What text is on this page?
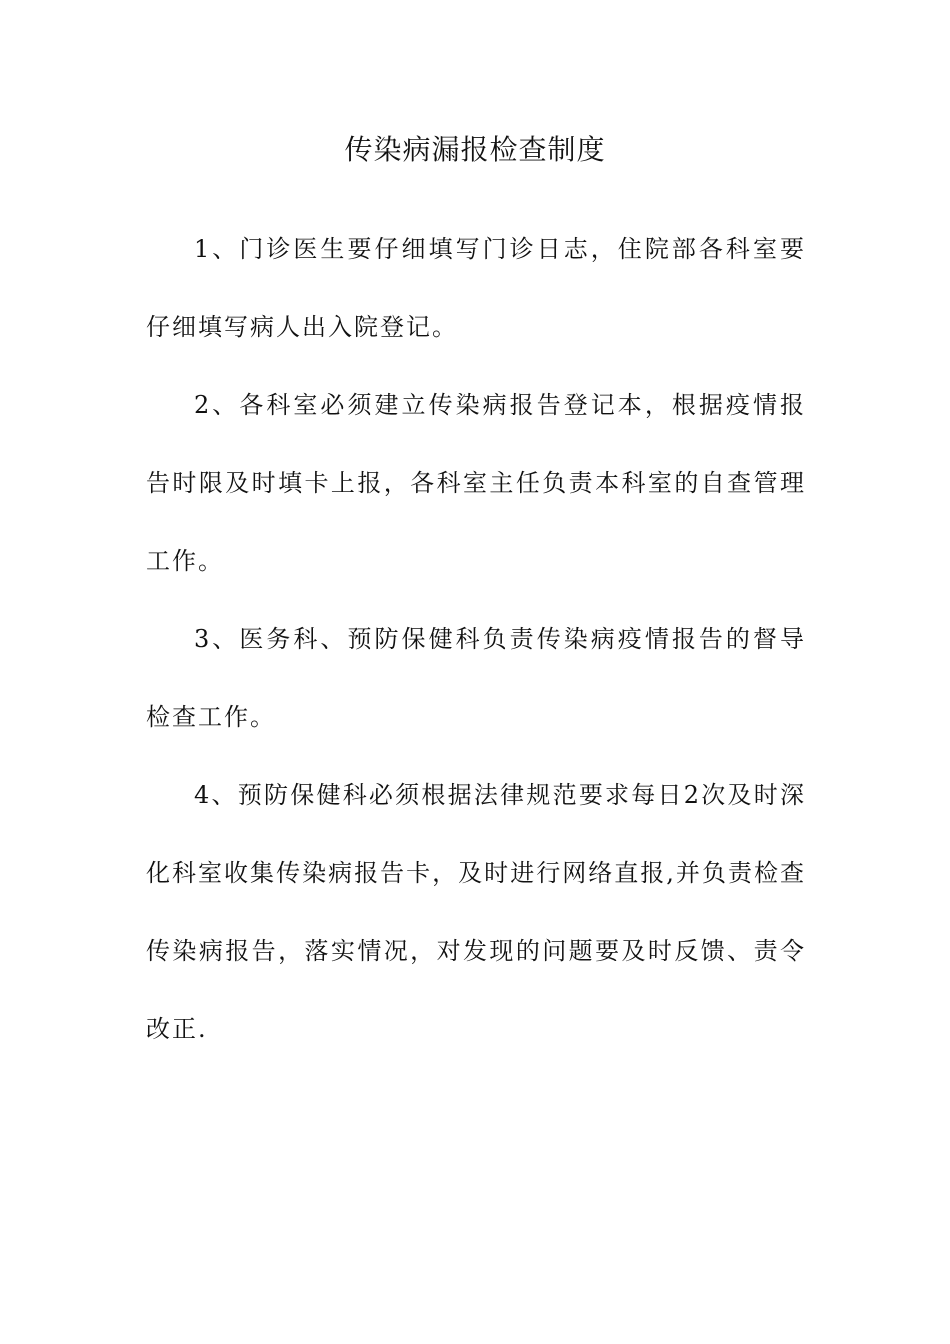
传染病漏报检查制度

1、门诊医生要仔细填写门诊日志，住院部各科室要仔细填写病人出入院登记。

2、各科室必须建立传染病报告登记本，根据疫情报告时限及时填卡上报，各科室主任负责本科室的自查管理工作。

3、医务科、预防保健科负责传染病疫情报告的督导检查工作。

4、预防保健科必须根据法律规范要求每日2次及时深化科室收集传染病报告卡，及时进行网络直报,并负责检查传染病报告，落实情况，对发现的问题要及时反馈、责令改正.
